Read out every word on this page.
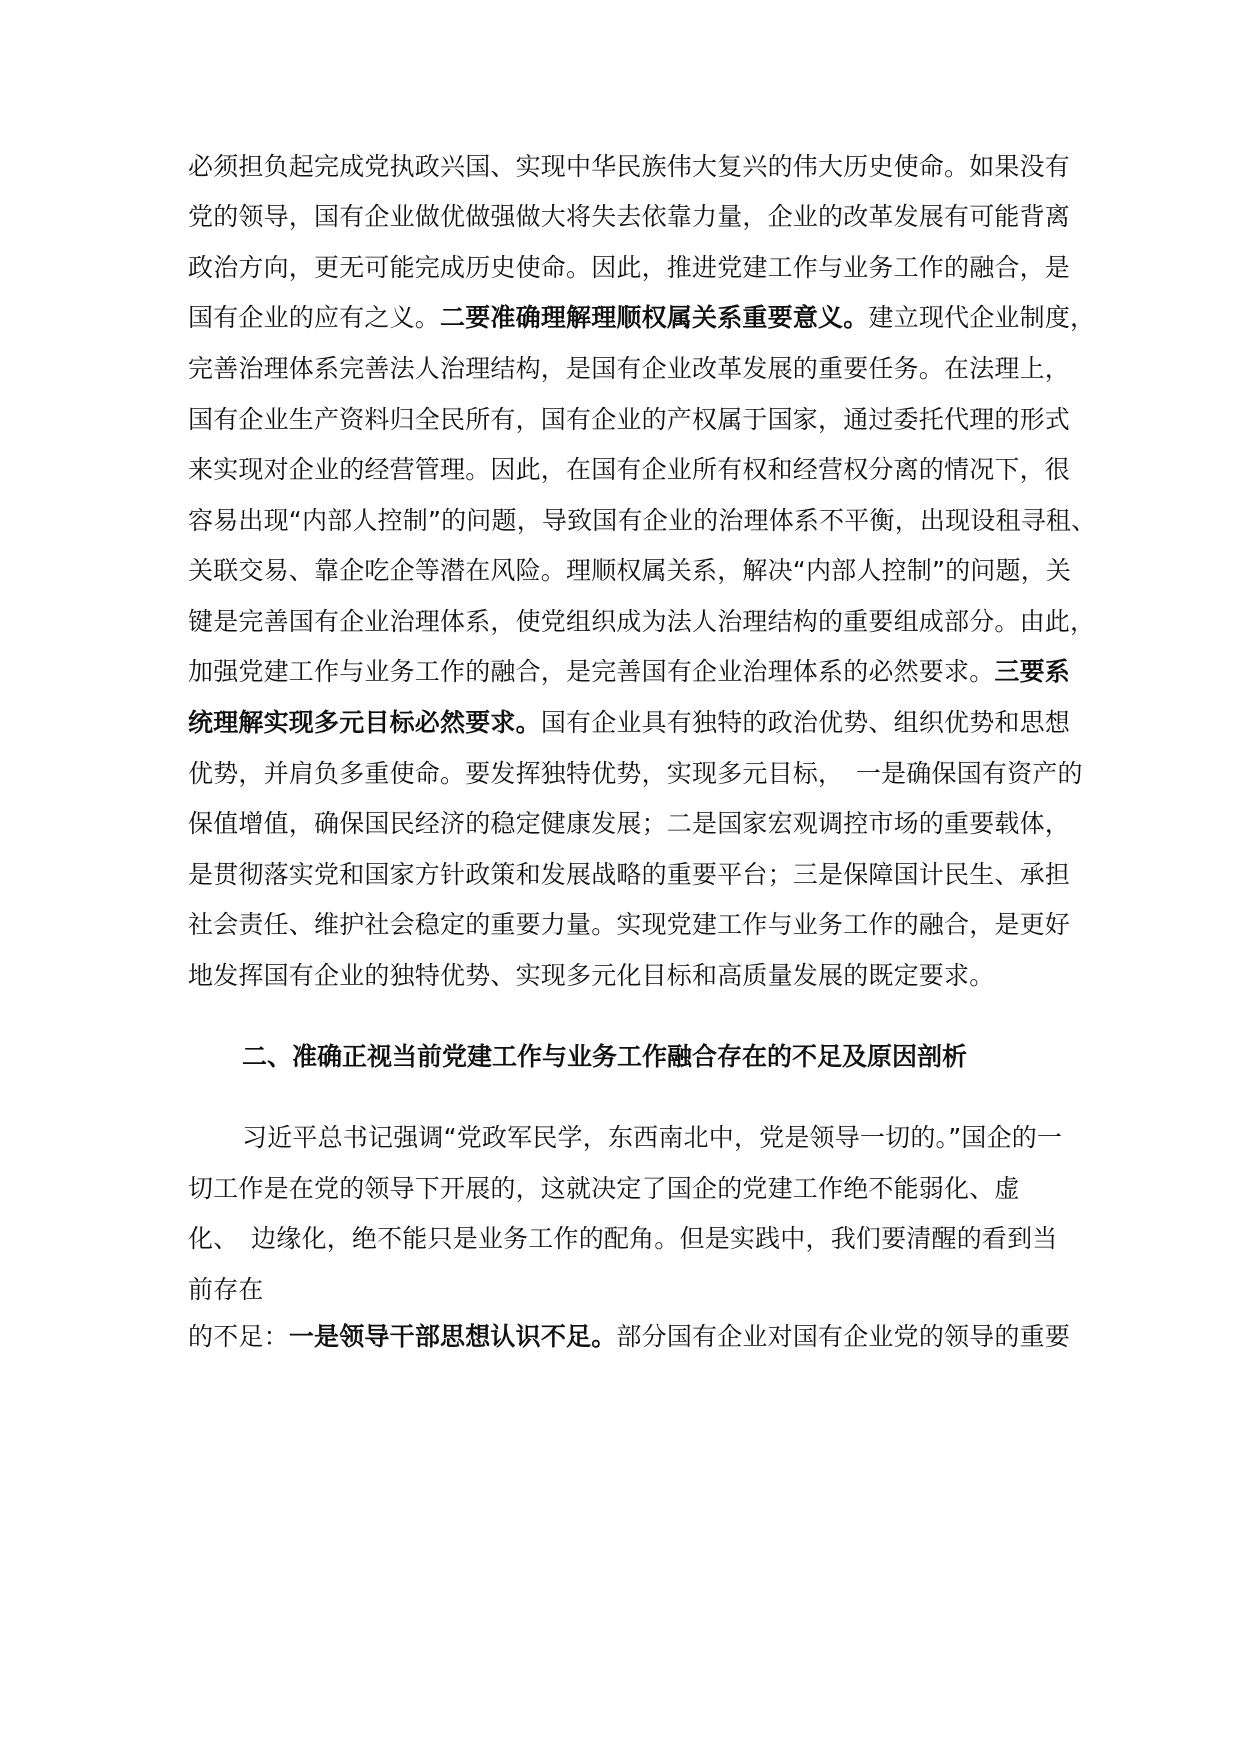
必须担负起完成党执政兴国、实现中华民族伟大复兴的伟大历史使命。如果没有
党的领导，国有企业做优做强做大将失去依靠力量，企业的改革发展有可能背离
政治方向，更无可能完成历史使命。因此，推进党建工作与业务工作的融合，是
国有企业的应有之义。二要准确理解理顺权属关系重要意义。建立现代企业制度，
完善治理体系完善法人治理结构，是国有企业改革发展的重要任务。在法理上，
国有企业生产资料归全民所有，国有企业的产权属于国家，通过委托代理的形式
来实现对企业的经营管理。因此，在国有企业所有权和经营权分离的情况下，很
容易出现“内部人控制”的问题，导致国有企业的治理体系不平衡，出现设租寻租、
关联交易、靠企吃企等潜在风险。理顺权属关系，解决“内部人控制”的问题，关
键是完善国有企业治理体系，使党组织成为法人治理结构的重要组成部分。由此，
加强党建工作与业务工作的融合，是完善国有企业治理体系的必然要求。三要系
统理解实现多元目标必然要求。国有企业具有独特的政治优势、组织优势和思想
优势，并肩负多重使命。要发挥独特优势，实现多元目标，　一是确保国有资产的
保值增值，确保国民经济的稳定健康发展；二是国家宏观调控市场的重要载体，
是贯彻落实党和国家方针政策和发展战略的重要平台；三是保障国计民生、承担
社会责任、维护社会稳定的重要力量。实现党建工作与业务工作的融合，是更好
地发挥国有企业的独特优势、实现多元化目标和高质量发展的既定要求。
二、准确正视当前党建工作与业务工作融合存在的不足及原因剖析
习近平总书记强调“党政军民学，东西南北中，党是领导一切的。”国企的一
切工作是在党的领导下开展的，这就决定了国企的党建工作绝不能弱化、虚
化、　边缘化，绝不能只是业务工作的配角。但是实践中，我们要清醒的看到当
前存在
的不足：一是领导干部思想认识不足。部分国有企业对国有企业党的领导的重要
